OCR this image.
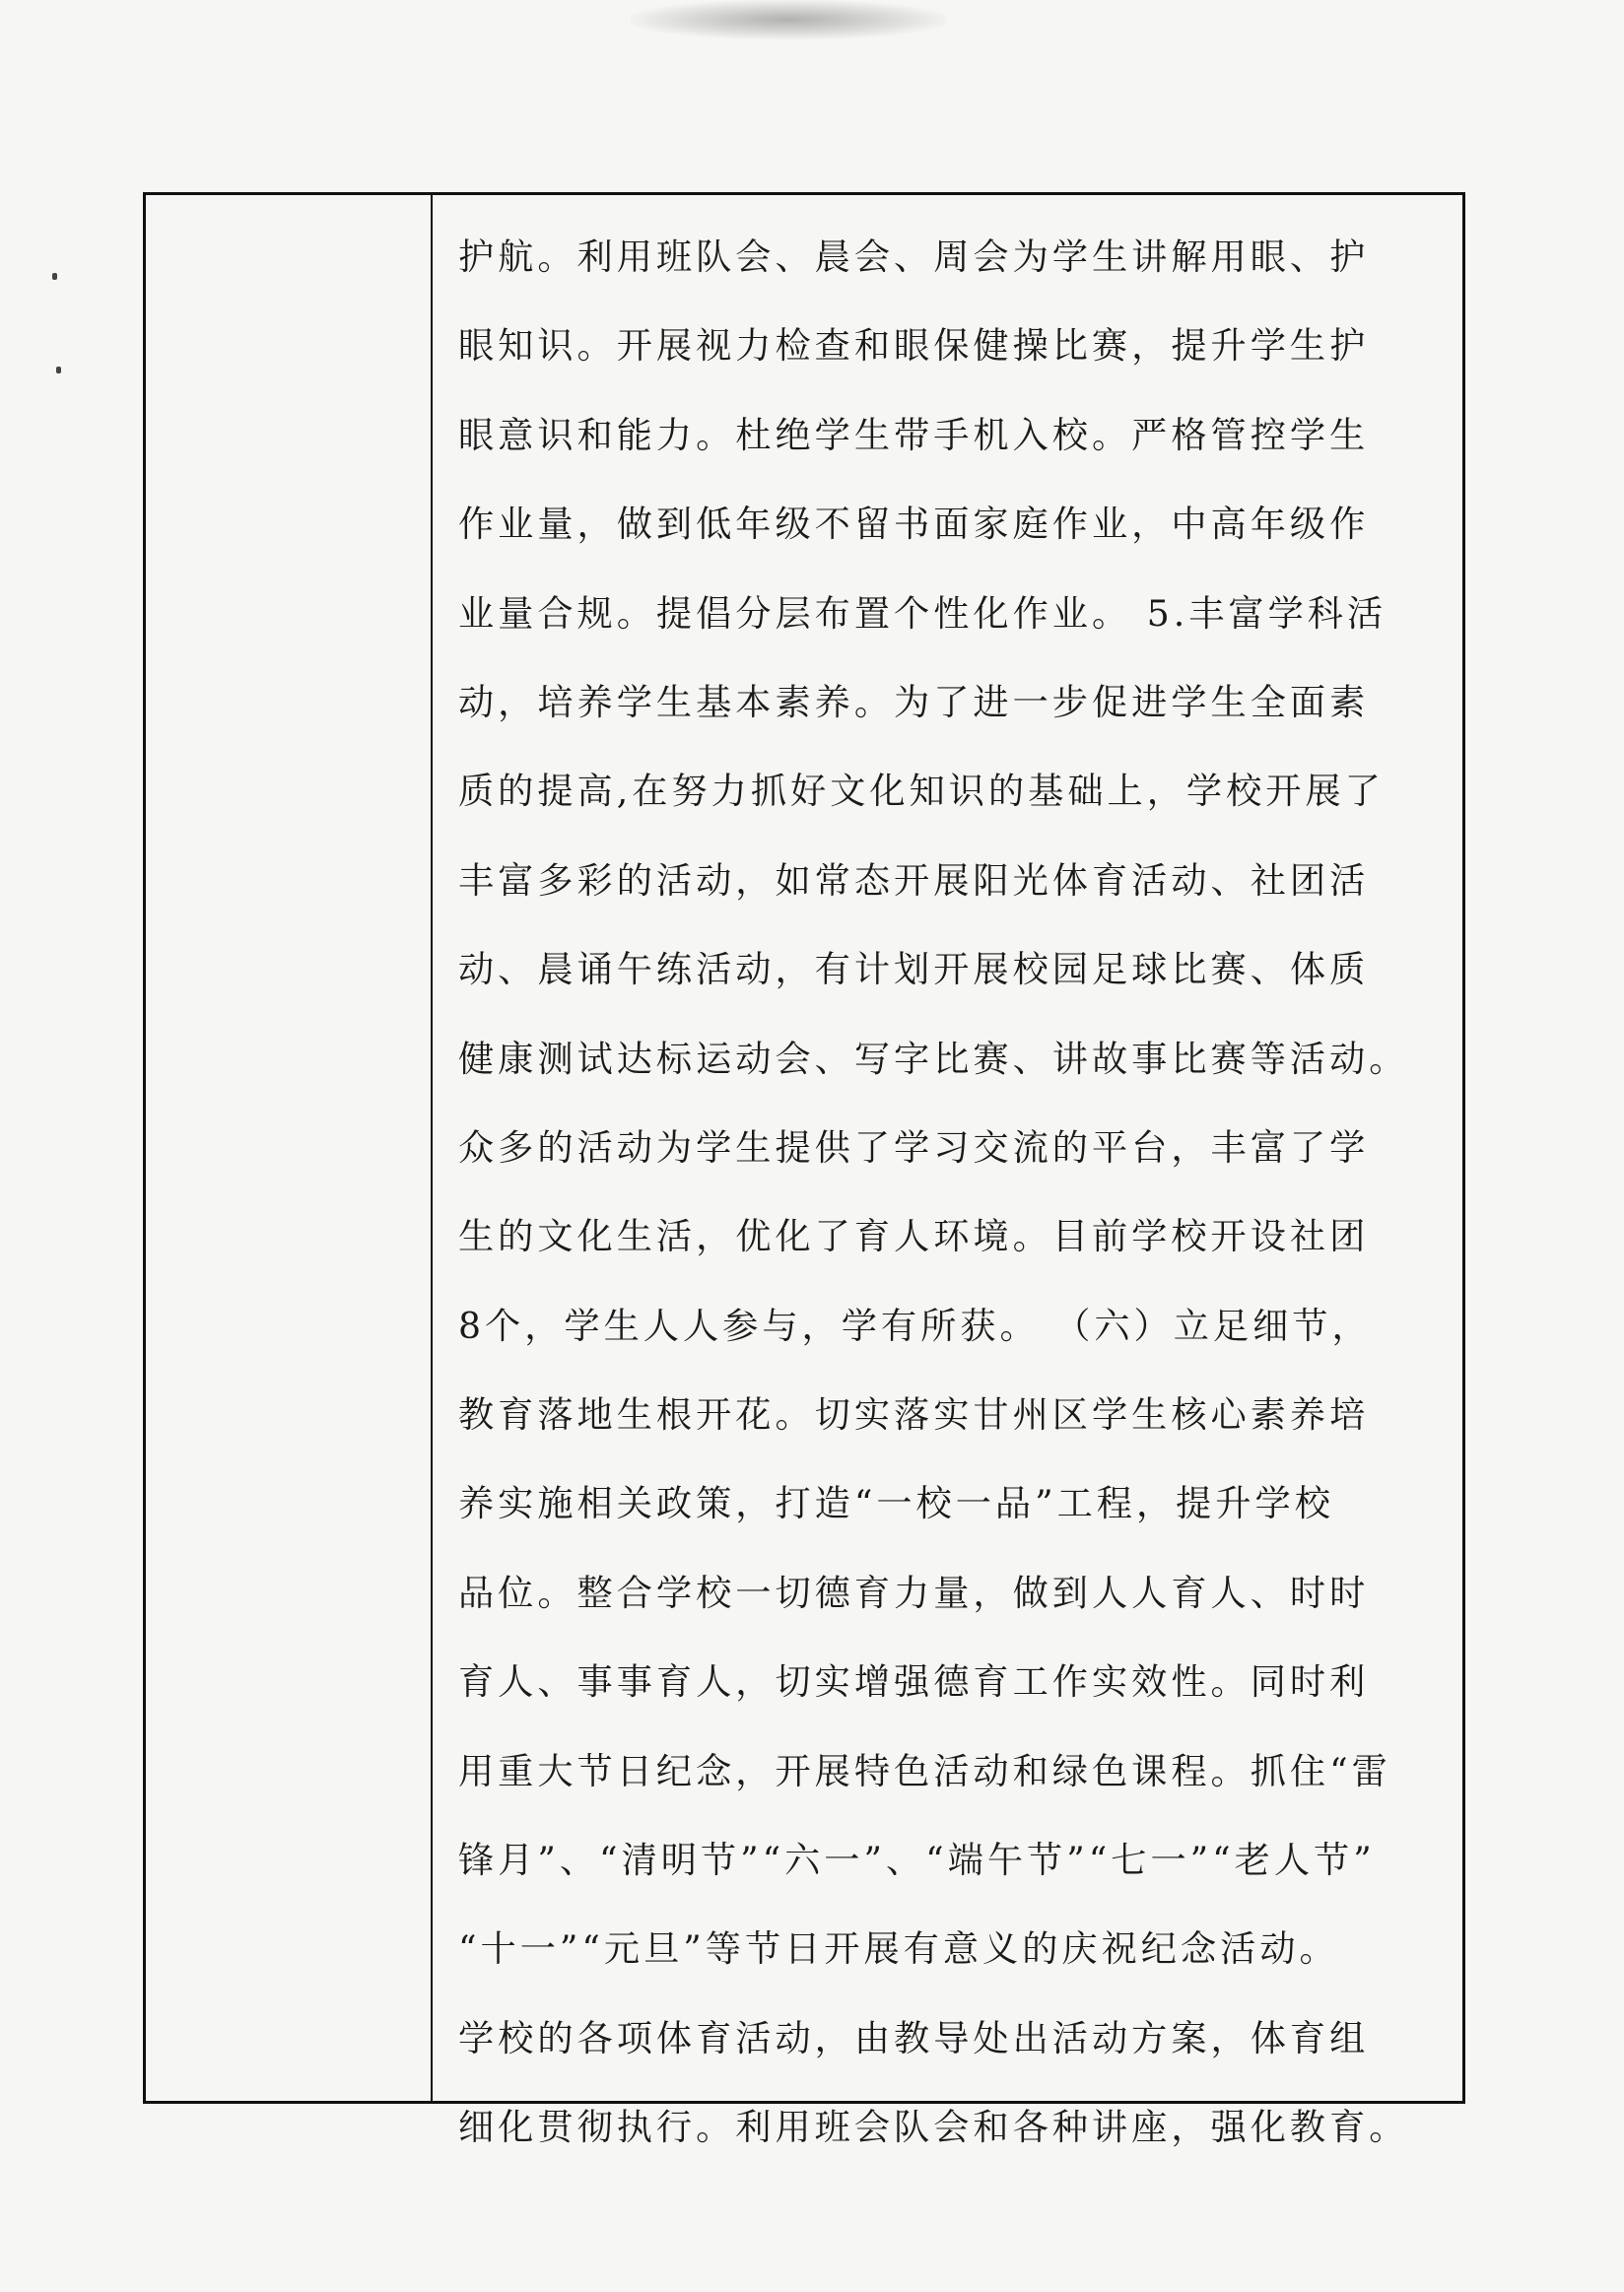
护航。利用班队会、晨会、周会为学生讲解用眼、护
眼知识。开展视力检查和眼保健操比赛，提升学生护
眼意识和能力。杜绝学生带手机入校。严格管控学生
作业量，做到低年级不留书面家庭作业，中高年级作
业量合规。提倡分层布置个性化作业。 5.丰富学科活
动，培养学生基本素养。为了进一步促进学生全面素
质的提高,在努力抓好文化知识的基础上，学校开展了
丰富多彩的活动，如常态开展阳光体育活动、社团活
动、晨诵午练活动，有计划开展校园足球比赛、体质
健康测试达标运动会、写字比赛、讲故事比赛等活动。
众多的活动为学生提供了学习交流的平台，丰富了学
生的文化生活，优化了育人环境。目前学校开设社团
8个，学生人人参与，学有所获。 （六）立足细节，
教育落地生根开花。切实落实甘州区学生核心素养培
养实施相关政策，打造“一校一品”工程，提升学校
品位。整合学校一切德育力量，做到人人育人、时时
育人、事事育人，切实增强德育工作实效性。同时利
用重大节日纪念，开展特色活动和绿色课程。抓住“雷
锋月”、“清明节”“六一”、“端午节”“七一”“老人节”
“十一”“元旦”等节日开展有意义的庆祝纪念活动。
学校的各项体育活动，由教导处出活动方案，体育组
细化贯彻执行。利用班会队会和各种讲座，强化教育。
